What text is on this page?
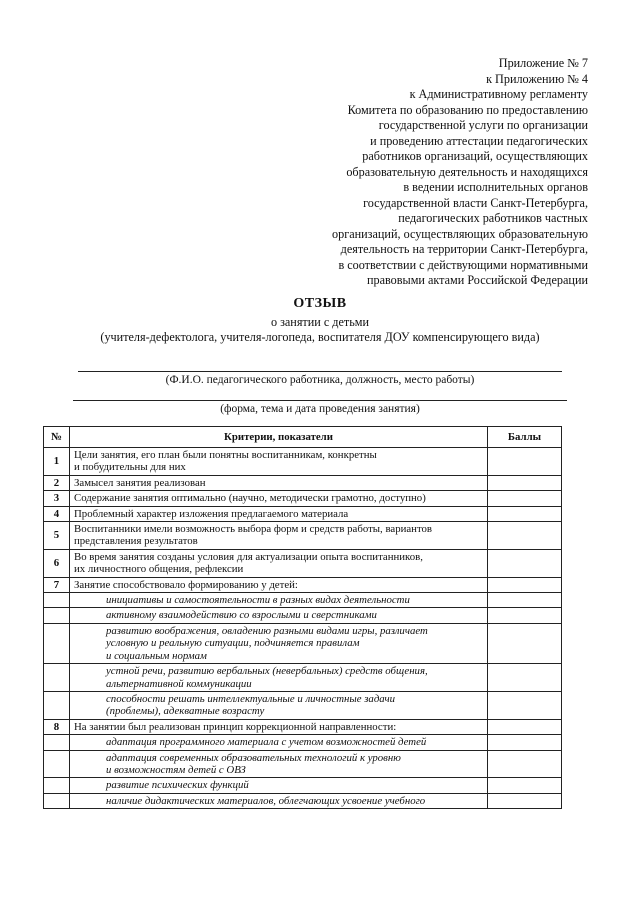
Приложение № 7
к Приложению № 4
к Административному регламенту
Комитета по образованию по предоставлению
государственной услуги по организации
и проведению аттестации педагогических
работников организаций, осуществляющих
образовательную деятельность и находящихся
в ведении исполнительных органов
государственной власти Санкт-Петербурга,
педагогических работников частных
организаций, осуществляющих образовательную
деятельность на территории Санкт-Петербурга,
в соответствии с действующими нормативными
правовыми актами Российской Федерации
ОТЗЫВ
о занятии с детьми
(учителя-дефектолога, учителя-логопеда, воспитателя ДОУ компенсирующего вида)
(Ф.И.О. педагогического работника, должность, место работы)
(форма, тема и дата проведения занятия)
№	Критерии, показатели	Баллы
1	Цели занятия, его план были понятны воспитанникам, конкретны
и побудительны для них	

2	Замысел занятия реализован	

3	Содержание занятия оптимально (научно, методически грамотно, доступно)	

4	Проблемный характер изложения предлагаемого материала	

5	Воспитанники имели возможность выбора форм и средств работы, вариантов
представления результатов	

6	Во время занятия созданы условия для актуализации опыта воспитанников,
их личностного общения, рефлексии	

7	Занятие способствовало формированию у детей:	

	инициативы и самостоятельности в разных видах деятельности	

	активному взаимодействию со взрослыми и сверстниками	

	развитию воображения, овладению разными видами игры, различает
условную и реальную ситуации, подчиняется правилам
и социальным нормам	

	устной речи, развитию вербальных (невербальных) средств общения,
альтернативной коммуникации	

	способности решать интеллектуальные и личностные задачи
(проблемы), адекватные возрасту	

8	На занятии был реализован принцип коррекционной направленности:	

	адаптация программного материала с учетом возможностей детей	

	адаптация современных образовательных технологий к уровню
и возможностям детей с ОВЗ	

	развитие психических функций	

	наличие дидактических материалов, облегчающих усвоение учебного	
